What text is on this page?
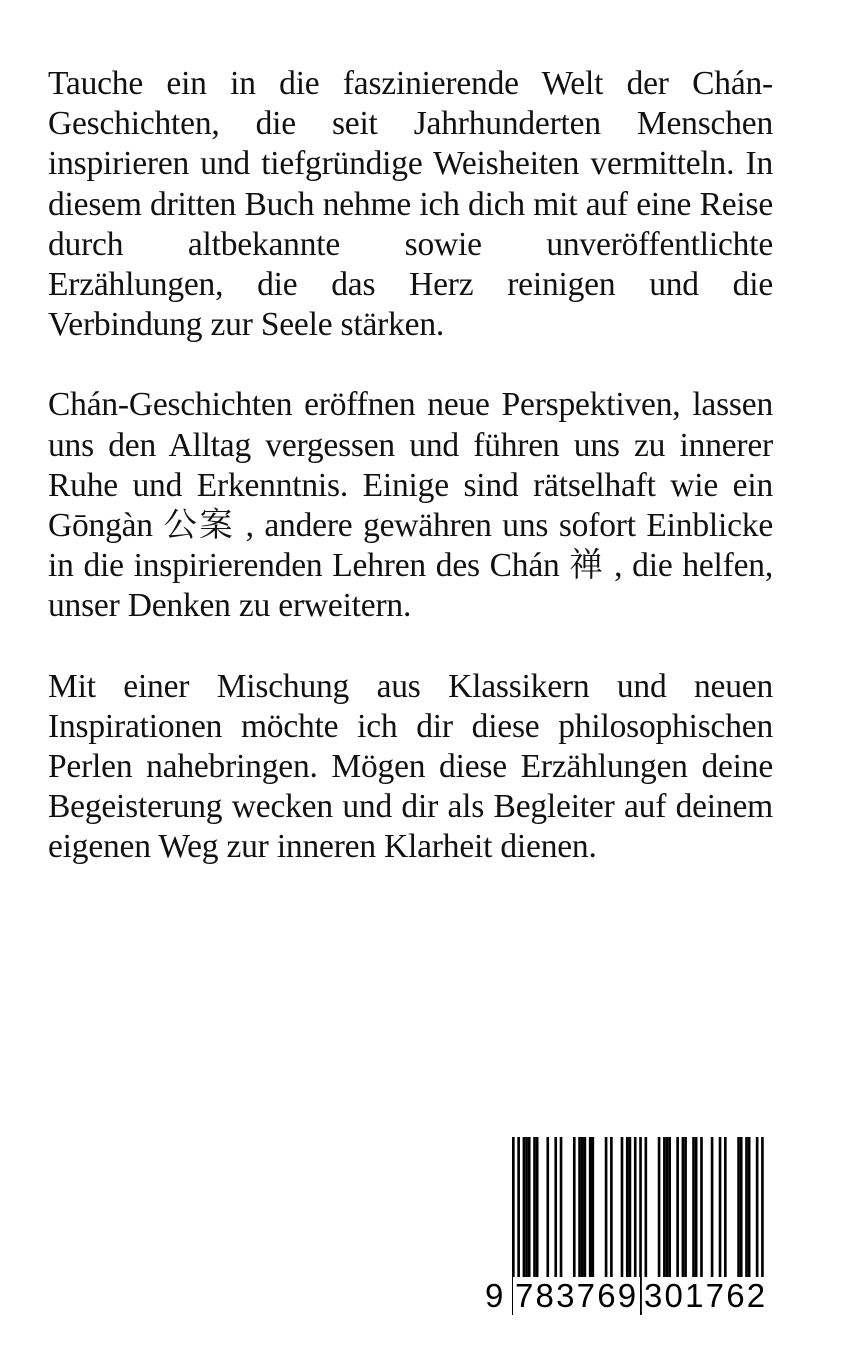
Tauche ein in die faszinierende Welt der Chán-Geschichten, die seit Jahrhunderten Menschen inspirieren und tiefgründige Weisheiten vermitteln. In diesem dritten Buch nehme ich dich mit auf eine Reise durch altbekannte sowie unveröffentlichte Erzählungen, die das Herz reinigen und die Verbindung zur Seele stärken.

Chán-Geschichten eröffnen neue Perspektiven, lassen uns den Alltag vergessen und führen uns zu innerer Ruhe und Erkenntnis. Einige sind rätselhaft wie ein Gōngàn 公案 , andere gewähren uns sofort Einblicke in die inspirierenden Lehren des Chán 禅 , die helfen, unser Denken zu erweitern.

Mit einer Mischung aus Klassikern und neuen Inspirationen möchte ich dir diese philosophischen Perlen nahebringen. Mögen diese Erzählungen deine Begeisterung wecken und dir als Begleiter auf deinem eigenen Weg zur inneren Klarheit dienen.

9 783769 301762
